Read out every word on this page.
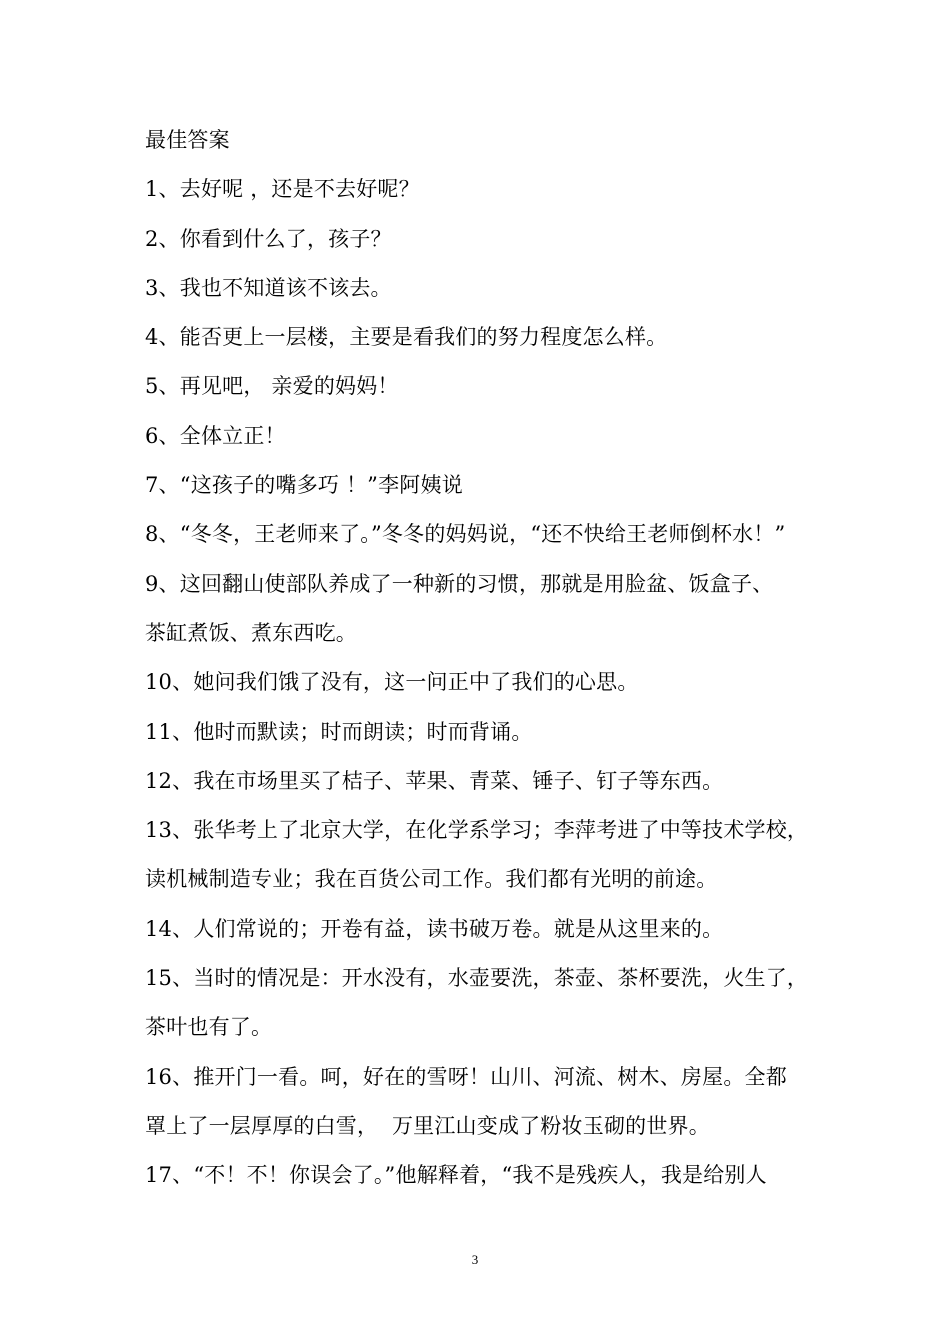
最佳答案
1、去好呢 ，还是不去好呢？
2、你看到什么了，孩子？
3、我也不知道该不该去。
4、能否更上一层楼，主要是看我们的努力程度怎么样。
5、再见吧， 亲爱的妈妈！
6、全体立正！
7、“这孩子的嘴多巧 ！”李阿姨说
8、“冬冬，王老师来了。”冬冬的妈妈说，“还不快给王老师倒杯水！”
9、这回翻山使部队养成了一种新的习惯，那就是用脸盆、饭盒子、
茶缸煮饭、煮东西吃。
10、她问我们饿了没有，这一问正中了我们的心思。
11、他时而默读；时而朗读；时而背诵。
12、我在市场里买了桔子、苹果、青菜、锤子、钉子等东西。
13、张华考上了北京大学，在化学系学习；李萍考进了中等技术学校，
读机械制造专业；我在百货公司工作。我们都有光明的前途。
14、人们常说的；开卷有益，读书破万卷。就是从这里来的。
15、当时的情况是：开水没有，水壶要洗，茶壶、茶杯要洗，火生了，
茶叶也有了。
16、推开门一看。呵，好在的雪呀！山川、河流、树木、房屋。全都
罩上了一层厚厚的白雪，  万里江山变成了粉妆玉砌的世界。
17、“不！不！你误会了。”他解释着，“我不是残疾人，我是给别人
3
